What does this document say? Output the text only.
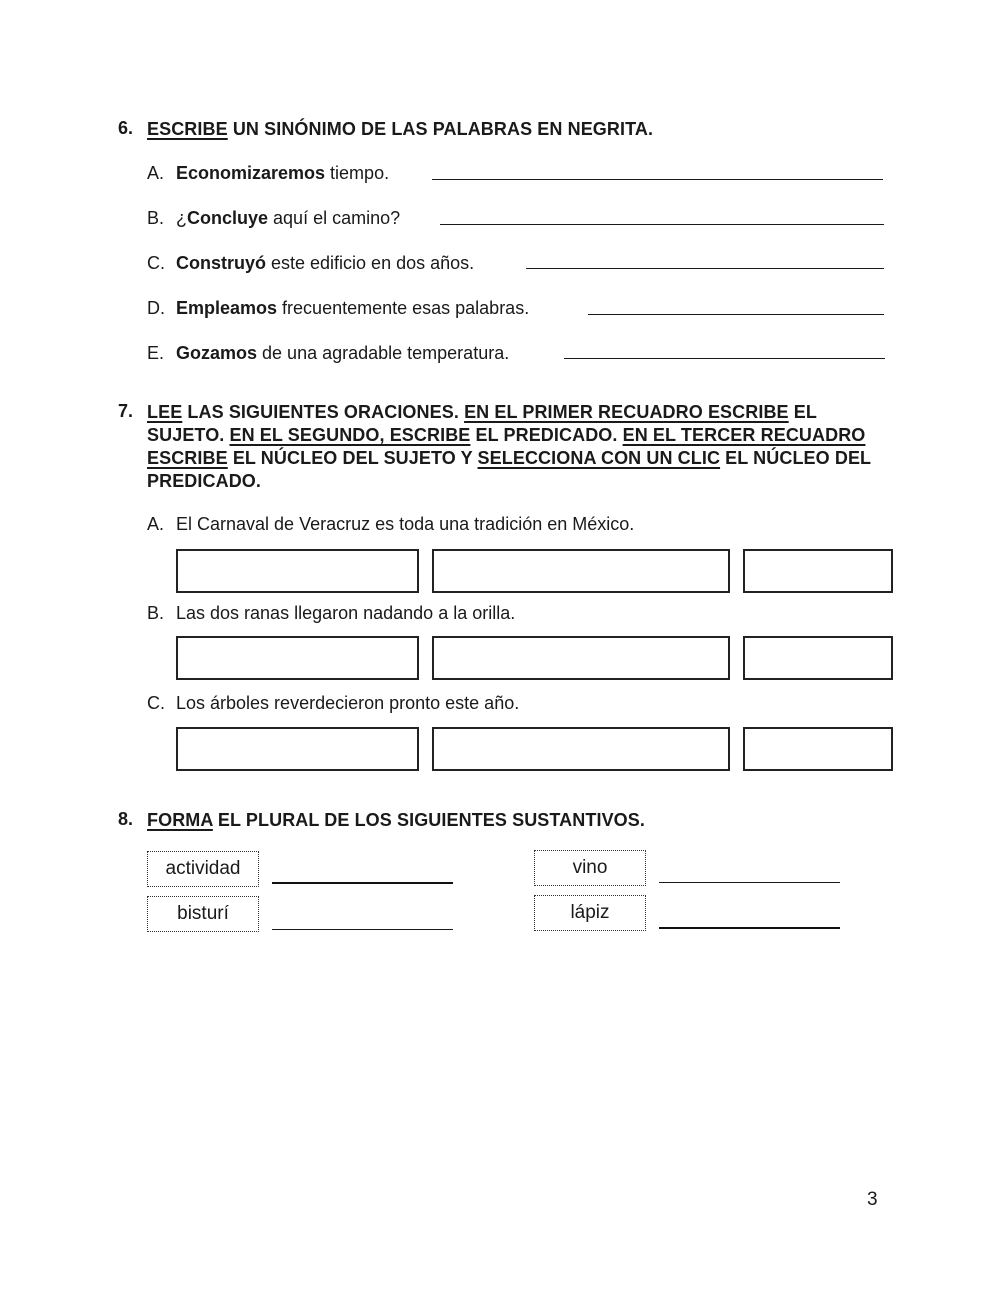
6. ESCRIBE UN SINÓNIMO DE LAS PALABRAS EN NEGRITA.
A. Economizaremos tiempo.
B. ¿Concluye aquí el camino?
C. Construyó este edificio en dos años.
D. Empleamos frecuentemente esas palabras.
E. Gozamos de una agradable temperatura.
7. LEE LAS SIGUIENTES ORACIONES. EN EL PRIMER RECUADRO ESCRIBE EL SUJETO. EN EL SEGUNDO, ESCRIBE EL PREDICADO. EN EL TERCER RECUADRO ESCRIBE EL NÚCLEO DEL SUJETO Y SELECCIONA CON UN CLIC EL NÚCLEO DEL PREDICADO.
A. El Carnaval de Veracruz es toda una tradición en México.
B. Las dos ranas llegaron nadando a la orilla.
C. Los árboles reverdecieron pronto este año.
8. FORMA EL PLURAL DE LOS SIGUIENTES SUSTANTIVOS.
actividad	vino
bisturí	lápiz
3
